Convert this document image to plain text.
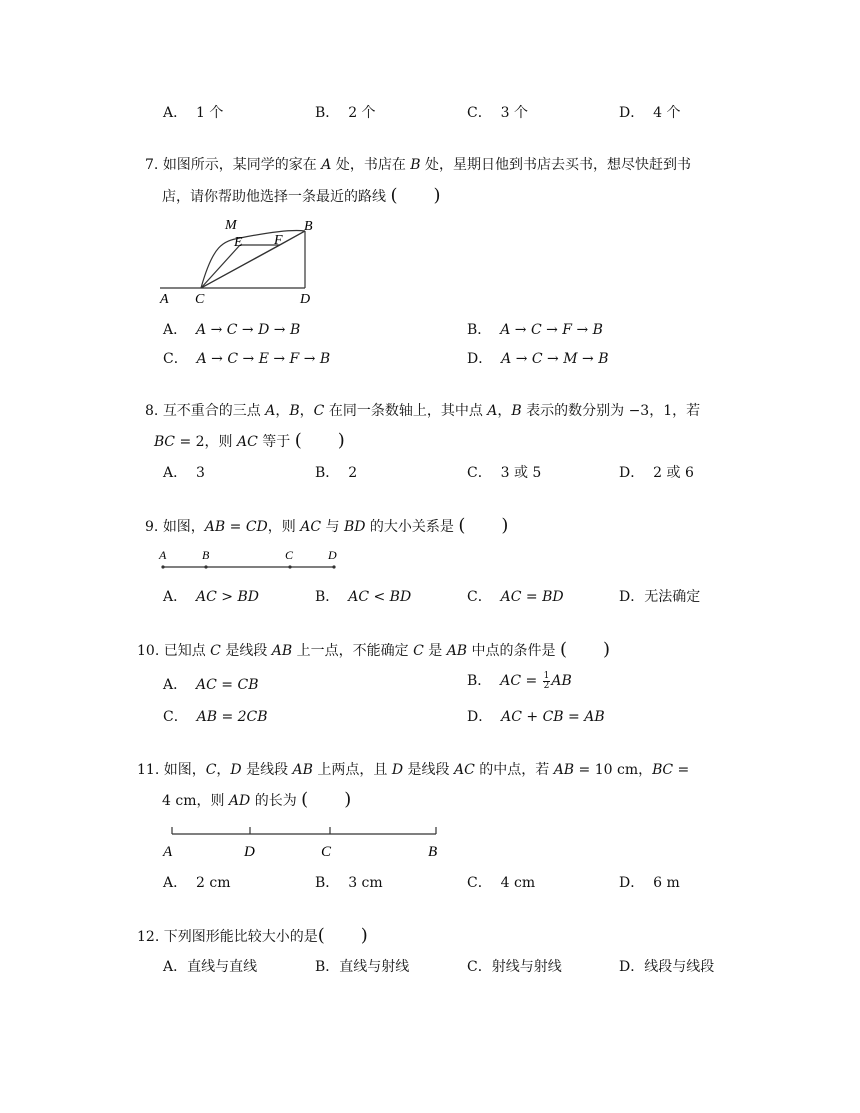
A． 1 个	B． 2 个	C． 3 个	D． 4 个
7. 如图所示，某同学的家在 𝐴 处，书店在 𝐵 处，星期日他到书店去买书，想尽快赶到书
店，请你帮助他选择一条最近的路线 (　　)
A C	D
B
M
E F
A． 𝐴 → 𝐶 → 𝐷 → 𝐵	B． 𝐴 → 𝐶 → 𝐹 → 𝐵
C． 𝐴 → 𝐶 → 𝐸 → 𝐹 → 𝐵	D． 𝐴 → 𝐶 → 𝑀 → 𝐵
8. 互不重合的三点 𝐴，𝐵，𝐶 在同一条数轴上，其中点 𝐴，𝐵 表示的数分别为 −3，1，若
𝐵𝐶 = 2，则 𝐴𝐶 等于 (　　)
A． 3	B． 2	C． 3 或 5	D． 2 或 6
9. 如图，𝐴𝐵 = 𝐶𝐷，则 𝐴𝐶 与 𝐵𝐷 的大小关系是 (　　)
A	B	C	D
A． 𝐴𝐶 > 𝐵𝐷	B． 𝐴𝐶 < 𝐵𝐷	C． 𝐴𝐶 = 𝐵𝐷	D．无法确定
10. 已知点 𝐶 是线段 𝐴𝐵 上一点，不能确定 𝐶 是 𝐴𝐵 中点的条件是 (　　)
A． 𝐴𝐶 = 𝐶𝐵	B． 𝐴𝐶 = $\frac{1}{2}$ 𝐴𝐵
C． 𝐴𝐵 = 2𝐶𝐵	D． 𝐴𝐶 + 𝐶𝐵 = 𝐴𝐵
11. 如图，𝐶，𝐷 是线段 𝐴𝐵 上两点，且 𝐷 是线段 𝐴𝐶 的中点，若 𝐴𝐵 = 10 cm，𝐵𝐶 =
4 cm，则 𝐴𝐷 的长为 (　　)
A	D	C	B
A． 2 cm	B． 3 cm	C． 4 cm	D． 6 m
12. 下列图形能比较大小的是(　　)
A．直线与直线	B．直线与射线	C．射线与射线	D．线段与线段
